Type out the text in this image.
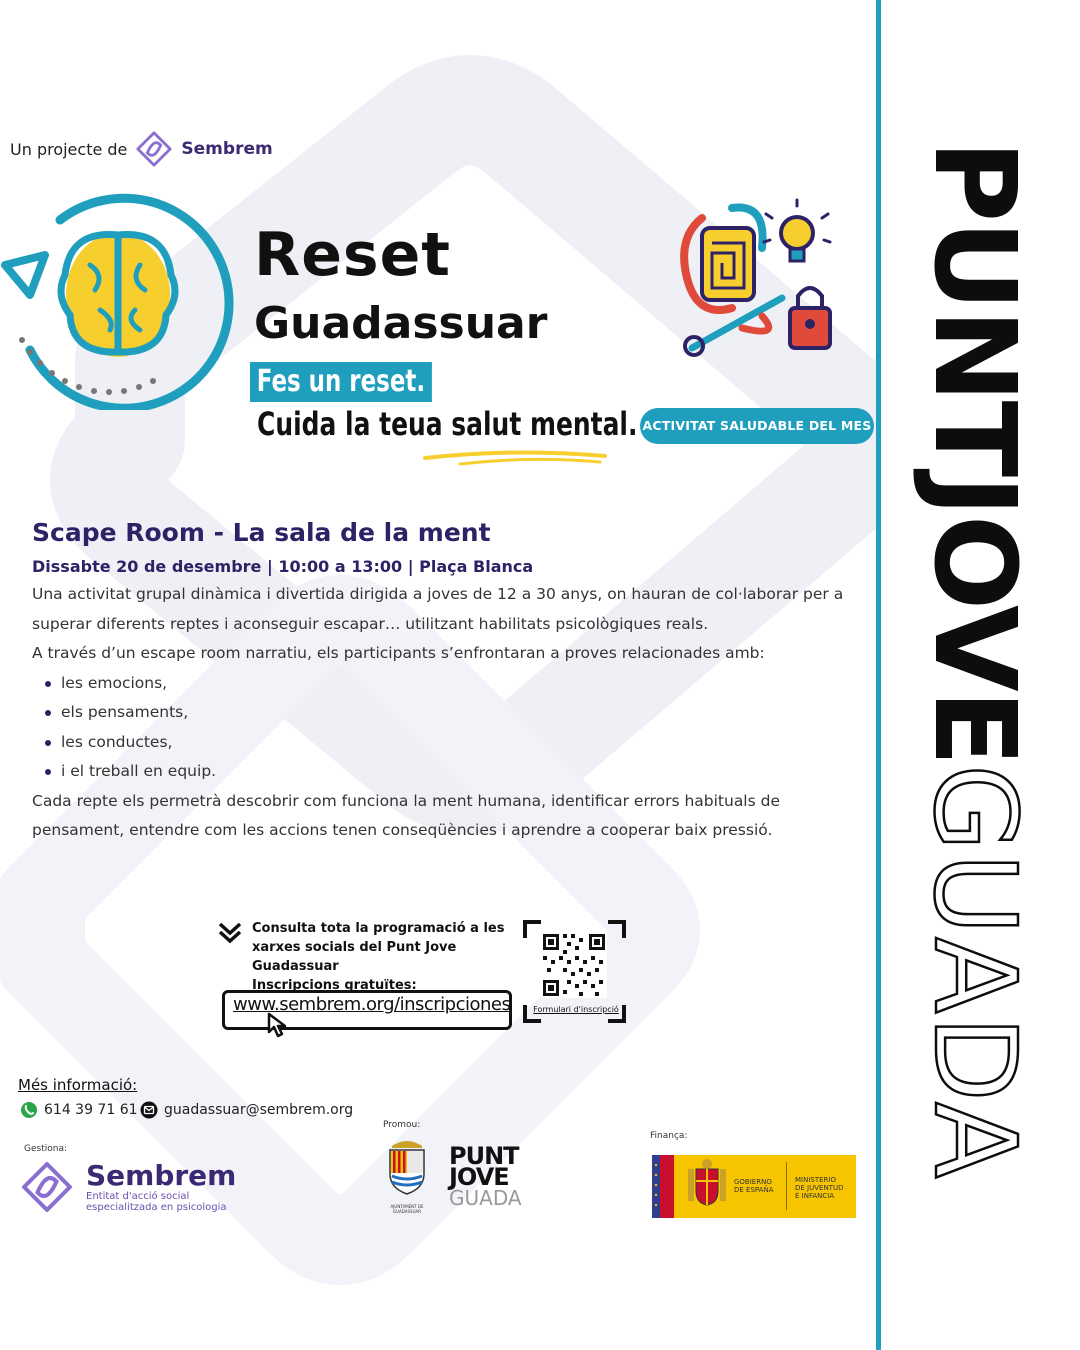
PUNTJOVEGUADA
Un projecte de	Sembrem
Reset
Guadassuar
Fes un reset.
Cuida la teua salut mental. ACTIVITAT SALUDABLE DEL MES
Scape Room - La sala de la ment
Dissabte 20 de desembre | 10:00 a 13:00 | Plaça Blanca

Una activitat grupal dinàmica i divertida dirigida a joves de 12 a 30 anys, on hauran de col·laborar per a superar diferents reptes i aconseguir escapar… utilitzant habilitats psicològiques reals.

A través d’un escape room narratiu, els participants s’enfrontaran a proves relacionades amb:

les emocions,
els pensaments,
les conductes,
i el treball en equip.

Cada repte els permetrà descobrir com funciona la ment humana, identificar errors habituals de pensament, entendre com les accions tenen conseqüències i aprendre a cooperar baix pressió.

Consulta tota la programació a les
xarxes socials del Punt Jove Guadassuar
Inscripcions gratuïtes:
www.sembrem.org/inscripciones	Formulari d'inscripció
Més informació:
614 39 71 61 guadassuar@sembrem.org
Gestiona:
Sembrem
Entitat d'acció social
especialitzada en psicologia
Promou:
AJUNTAMENT DE GUADASSUAR
PUNT
JOVE
GUADA
Finança:
GOBIERNO
DE ESPAÑA
MINISTERIO
DE JUVENTUD
E INFANCIA
